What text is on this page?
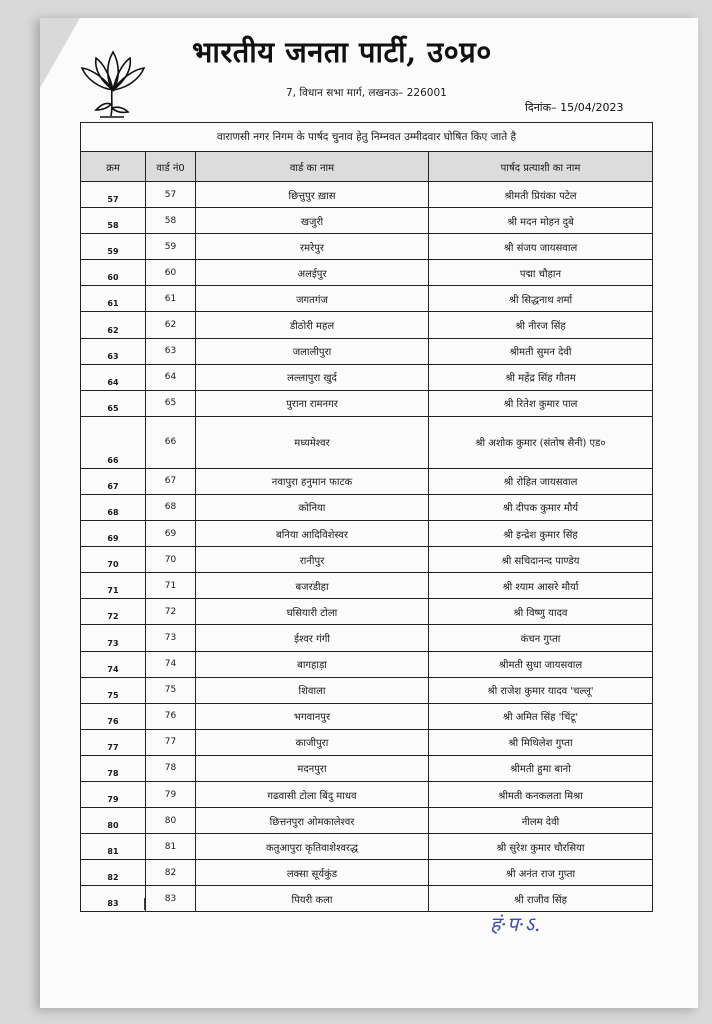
भारतीय जनता पार्टी, उ०प्र०
7, विधान सभा मार्ग, लखनऊ– 226001
दिनांक– 15/04/2023
वाराणसी नगर निगम के पार्षद चुनाव हेतु निम्नवत उम्मीदवार घोषित किए जाते है			
क्रम	वार्ड नं0	वार्ड का नाम	पार्षद प्रत्याशी का नाम
57	57	छित्तुपुर ख़ास	श्रीमती प्रियंका पटेल
58	58	खजुरी	श्री मदन मोहन दुबे
59	59	रमरेपुर	श्री संजय जायसवाल
60	60	अलईपुर	पद्मा चौहान
61	61	जगतगंज	श्री सिद्धनाथ शर्मा
62	62	डीठोरी महल	श्री नीरज सिंह
63	63	जलालीपुरा	श्रीमती सुमन देवी
64	64	लल्लापुरा खुर्द	श्री महेंद्र सिंह गौतम
65	65	पुराना रामनगर	श्री रितेश कुमार पाल
66	66	मध्यमेश्वर	श्री अशोक कुमार (संतोष सैनी) एड०
67	67	नवापुरा हनुमान फाटक	श्री रोहित जायसवाल
68	68	कोनिया	श्री दीपक कुमार मौर्य
69	69	बनिया आदिविशेस्वर	श्री इन्द्रेश कुमार सिंह
70	70	रानीपुर	श्री सचिदानन्द पाण्डेय
71	71	बजरडीहा	श्री श्याम आसरे मौर्या
72	72	घसियारी टोला	श्री विष्णु यादव
73	73	ईश्वर गंगी	कंचन गुप्ता
74	74	बागहाड़ा	श्रीमती सुधा जायसवाल
75	75	शिवाला	श्री राजेश कुमार यादव 'चल्लू'
76	76	भगवानपुर	श्री अमित सिंह 'चिंटू'
77	77	काजीपुरा	श्री मिथिलेश गुप्ता
78	78	मदनपुरा	श्रीमती हुमा बानो
79	79	गढवासी टोला बिंदु माधव	श्रीमती कनकलता मिश्रा
80	80	छित्तनपुरा ओमकालेश्वर	नीलम देवी
81	81	कतुआपुरा कृतिवाशेश्वरद्ध	श्री सुरेश कुमार चौरसिया
82	82	लक्सा सूर्यकुंड	श्री अनंत राज गुप्ता
83	83	पियरी कला	श्री राजीव सिंह
हं·प·ऽ.
